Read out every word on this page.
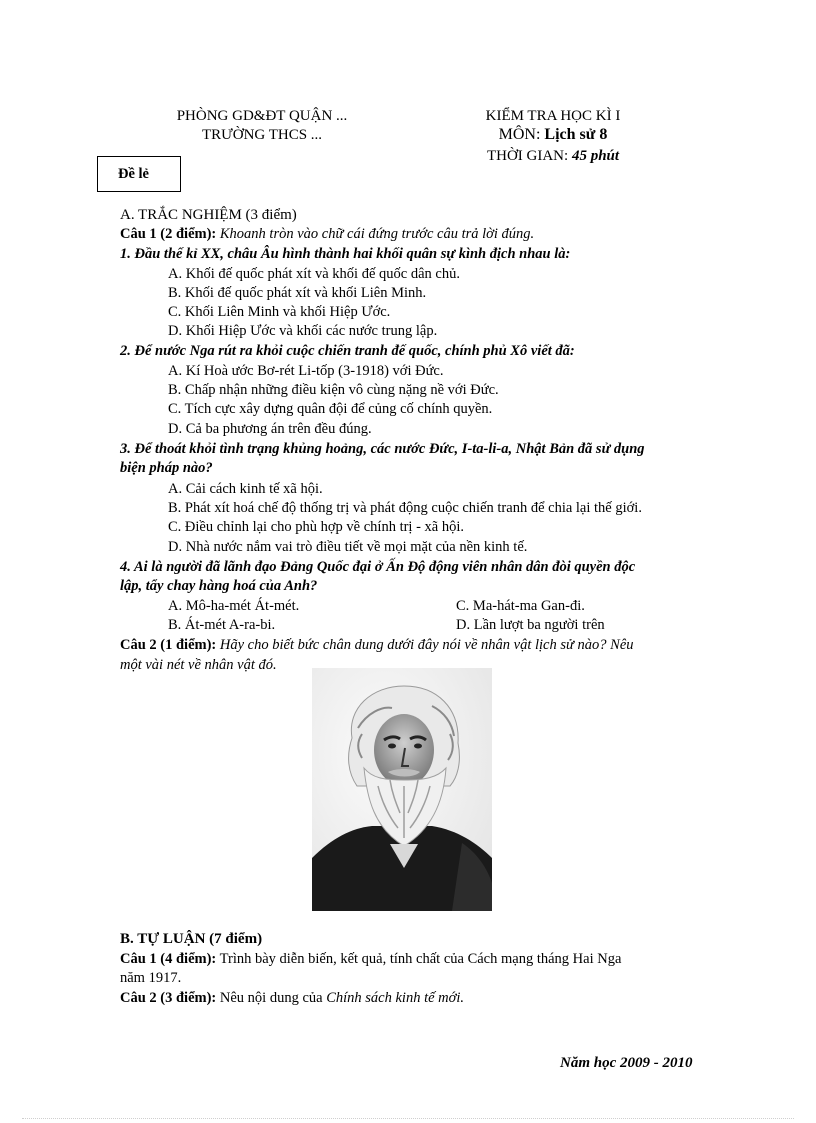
PHÒNG GD&ĐT QUẬN ...
TRƯỜNG THCS ...
KIỂM TRA HỌC KÌ I
MÔN: Lịch sử 8
THỜI GIAN: 45 phút
Đề lẻ
A. TRẮC NGHIỆM (3 điểm)
Câu 1 (2 điểm): Khoanh tròn vào chữ cái đứng trước câu trả lời đúng.
1. Đầu thế kỉ XX, châu Âu hình thành hai khối quân sự kình địch nhau là:
A. Khối đế quốc phát xít và khối đế quốc dân chủ.
B. Khối đế quốc phát xít và khối Liên Minh.
C. Khối Liên Minh và khối Hiệp Ước.
D. Khối Hiệp Ước và khối các nước trung lập.
2. Để nước Nga rút ra khỏi cuộc chiến tranh đế quốc, chính phủ Xô viết đã:
A. Kí Hoà ước Bơ-rét Li-tốp (3-1918) với Đức.
B. Chấp nhận những điều kiện vô cùng nặng nề với Đức.
C. Tích cực xây dựng quân đội để củng cố chính quyền.
D. Cả ba phương án trên đều đúng.
3. Để thoát khỏi tình trạng khủng hoảng, các nước Đức, I-ta-li-a, Nhật Bản đã sử dụng
biện pháp nào?
A. Cải cách kinh tế xã hội.
B. Phát xít hoá chế độ thống trị và phát động cuộc chiến tranh để chia lại thế giới.
C. Điều chỉnh lại cho phù hợp về chính trị - xã hội.
D. Nhà nước nắm vai trò điều tiết về mọi mặt của nền kinh tế.
4. Ai là người đã lãnh đạo Đảng Quốc đại ở Ấn Độ động viên nhân dân đòi quyền độc
lập, tẩy chay hàng hoá của Anh?
A. Mô-ha-mét Át-mét.	C. Ma-hát-ma Gan-đi.
B. Át-mét A-ra-bi.	D. Lần lượt ba người trên
Câu 2 (1 điểm): Hãy cho biết bức chân dung dưới đây nói về nhân vật lịch sử nào? Nêu
một vài nét về nhân vật đó.
B. TỰ LUẬN (7 điểm)
Câu 1 (4 điểm): Trình bày diễn biến, kết quả, tính chất của Cách mạng tháng Hai Nga
năm 1917.
Câu 2 (3 điểm): Nêu nội dung của Chính sách kinh tế mới.
Năm học 2009 - 2010
